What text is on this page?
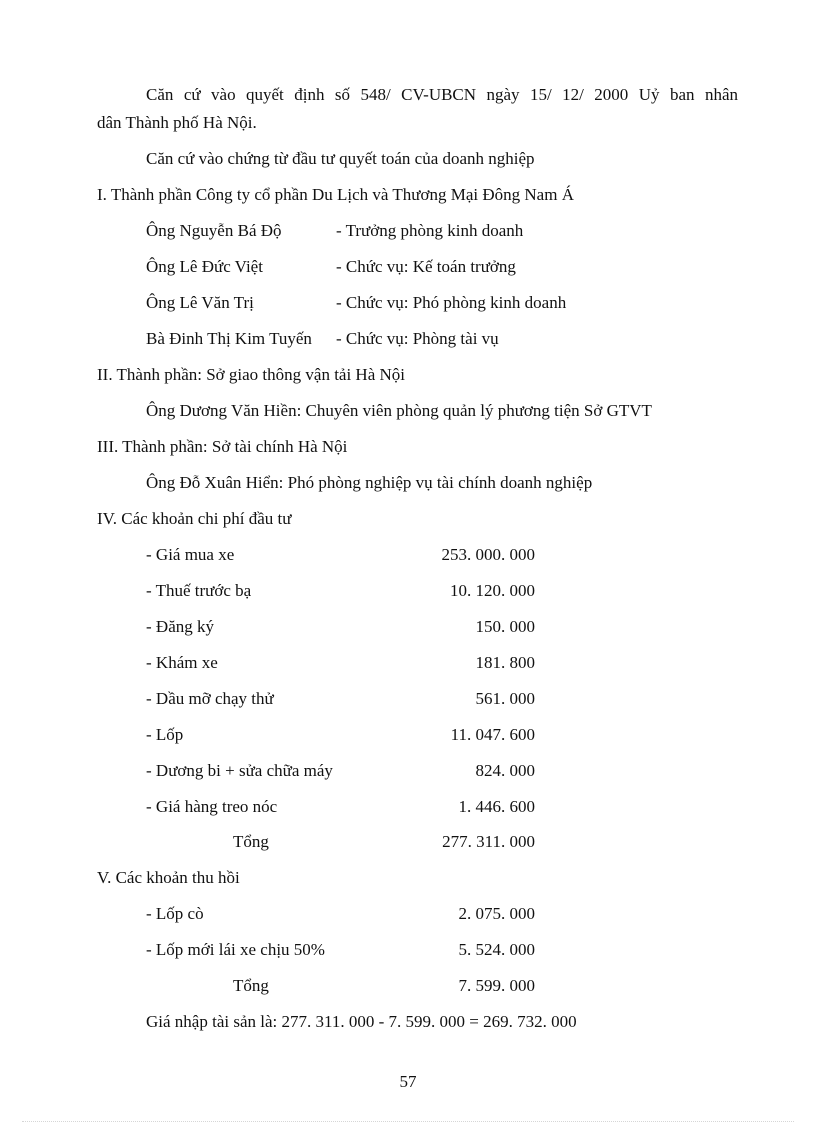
Căn cứ vào quyết định số 548/ CV-UBCN ngày 15/ 12/ 2000 Uỷ ban nhân
dân Thành phố Hà Nội.
Căn cứ vào chứng từ đầu tư quyết toán của doanh nghiệp
I. Thành phần Công ty cổ phần Du Lịch và Thương Mại Đông Nam Á
Ông Nguyễn Bá Độ	- Trưởng phòng kinh doanh
Ông Lê Đức Việt	- Chức vụ: Kế toán trưởng
Ông Lê Văn Trị	- Chức vụ: Phó phòng kinh doanh
Bà Đinh Thị Kim Tuyến - Chức vụ: Phòng tài vụ
II. Thành phần: Sở giao thông vận tải Hà Nội
Ông Dương Văn Hiền: Chuyên viên phòng quản lý phương tiện Sở GTVT
III. Thành phần: Sở tài chính Hà Nội
Ông Đỗ Xuân Hiển: Phó phòng nghiệp vụ tài chính doanh nghiệp
IV. Các khoản chi phí đầu tư
- Giá mua xe	253. 000. 000
- Thuế trước bạ	10. 120. 000
- Đăng ký	150. 000
- Khám xe	181. 800
- Dầu mỡ chạy thử	561. 000
- Lốp	11. 047. 600
- Dương bi + sửa chữa máy	824. 000
- Giá hàng treo nóc	1. 446. 600
Tổng	277. 311. 000
V. Các khoản thu hồi
- Lốp cò	2. 075. 000
- Lốp mới lái xe chịu 50%	5. 524. 000
Tổng	7. 599. 000
Giá nhập tài sản là: 277. 311. 000 - 7. 599. 000 = 269. 732. 000
57
